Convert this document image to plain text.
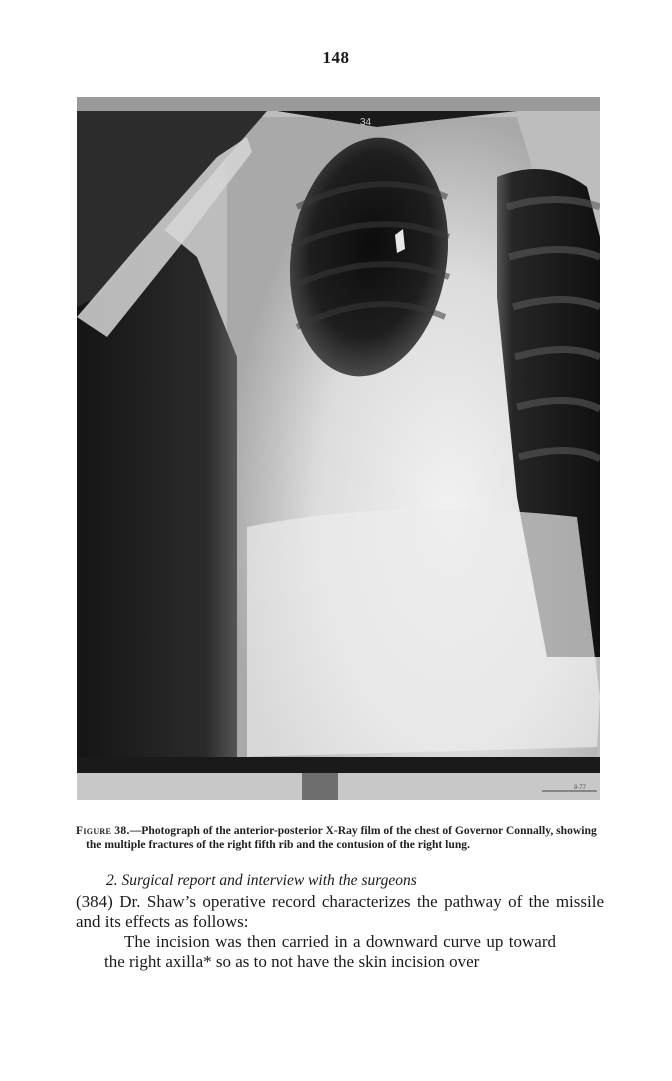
148
34
8-77
Figure 38.—Photograph of the anterior-posterior X-Ray film of the chest of Governor Connally, showing the multiple fractures of the right fifth rib and the contusion of the right lung.
2. Surgical report and interview with the surgeons
(384) Dr. Shaw’s operative record characterizes the pathway of the missile and its effects as follows:

The incision was then carried in a downward curve up toward the right axilla* so as to not have the skin incision over
